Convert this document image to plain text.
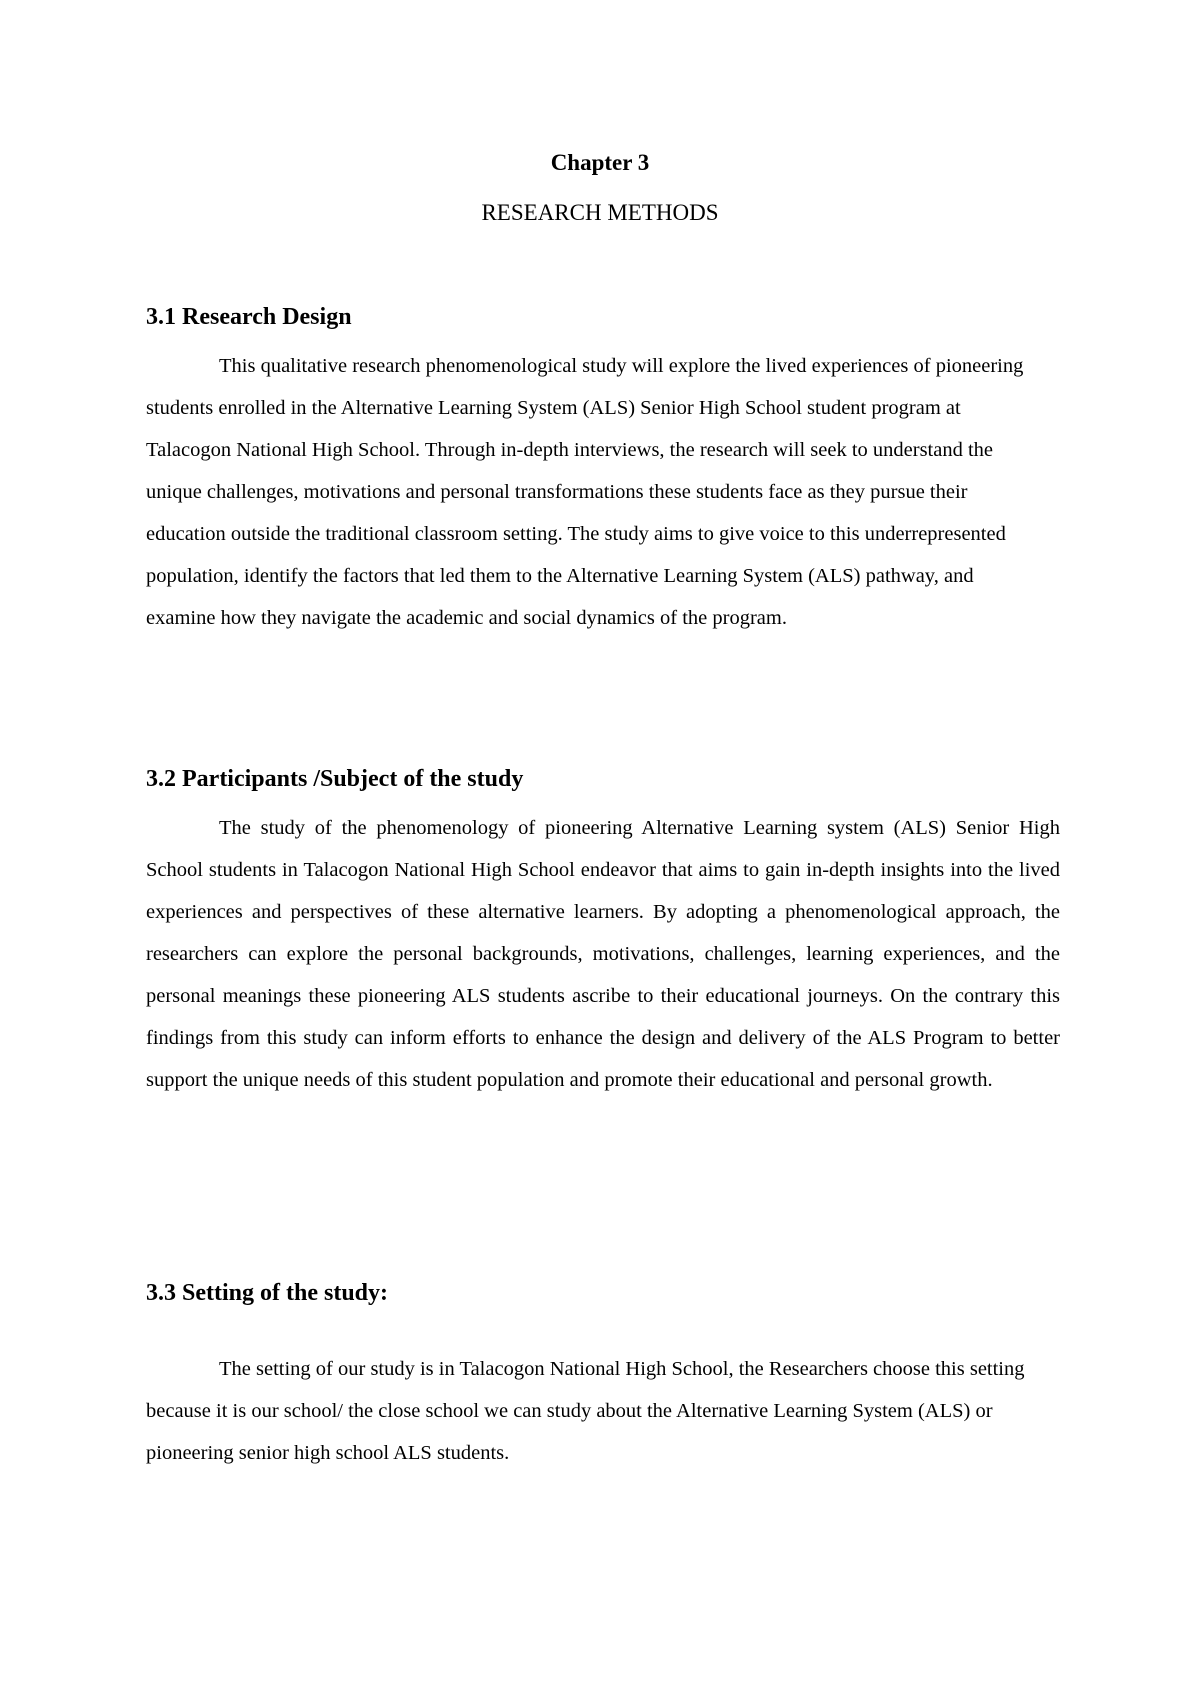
Chapter 3
RESEARCH METHODS
3.1 Research Design

This qualitative research phenomenological study will explore the lived experiences of pioneering students enrolled in the Alternative Learning System (ALS) Senior High School student program at Talacogon National High School. Through in-depth interviews, the research will seek to understand the unique challenges, motivations and personal transformations these students face as they pursue their education outside the traditional classroom setting. The study aims to give voice to this underrepresented population, identify the factors that led them to the Alternative Learning System (ALS) pathway, and examine how they navigate the academic and social dynamics of the program.

3.2 Participants /Subject of the study

The study of the phenomenology of pioneering Alternative Learning system (ALS) Senior High School students in Talacogon National High School endeavor that aims to gain in-depth insights into the lived experiences and perspectives of these alternative learners. By adopting a phenomenological approach, the researchers can explore the personal backgrounds, motivations, challenges, learning experiences, and the personal meanings these pioneering ALS students ascribe to their educational journeys. On the contrary this findings from this study can inform efforts to enhance the design and delivery of the ALS Program to better support the unique needs of this student population and promote their educational and personal growth.

3.3 Setting of the study:

The setting of our study is in Talacogon National High School, the Researchers choose this setting because it is our school/ the close school we can study about the Alternative Learning System (ALS) or pioneering senior high school ALS students.
